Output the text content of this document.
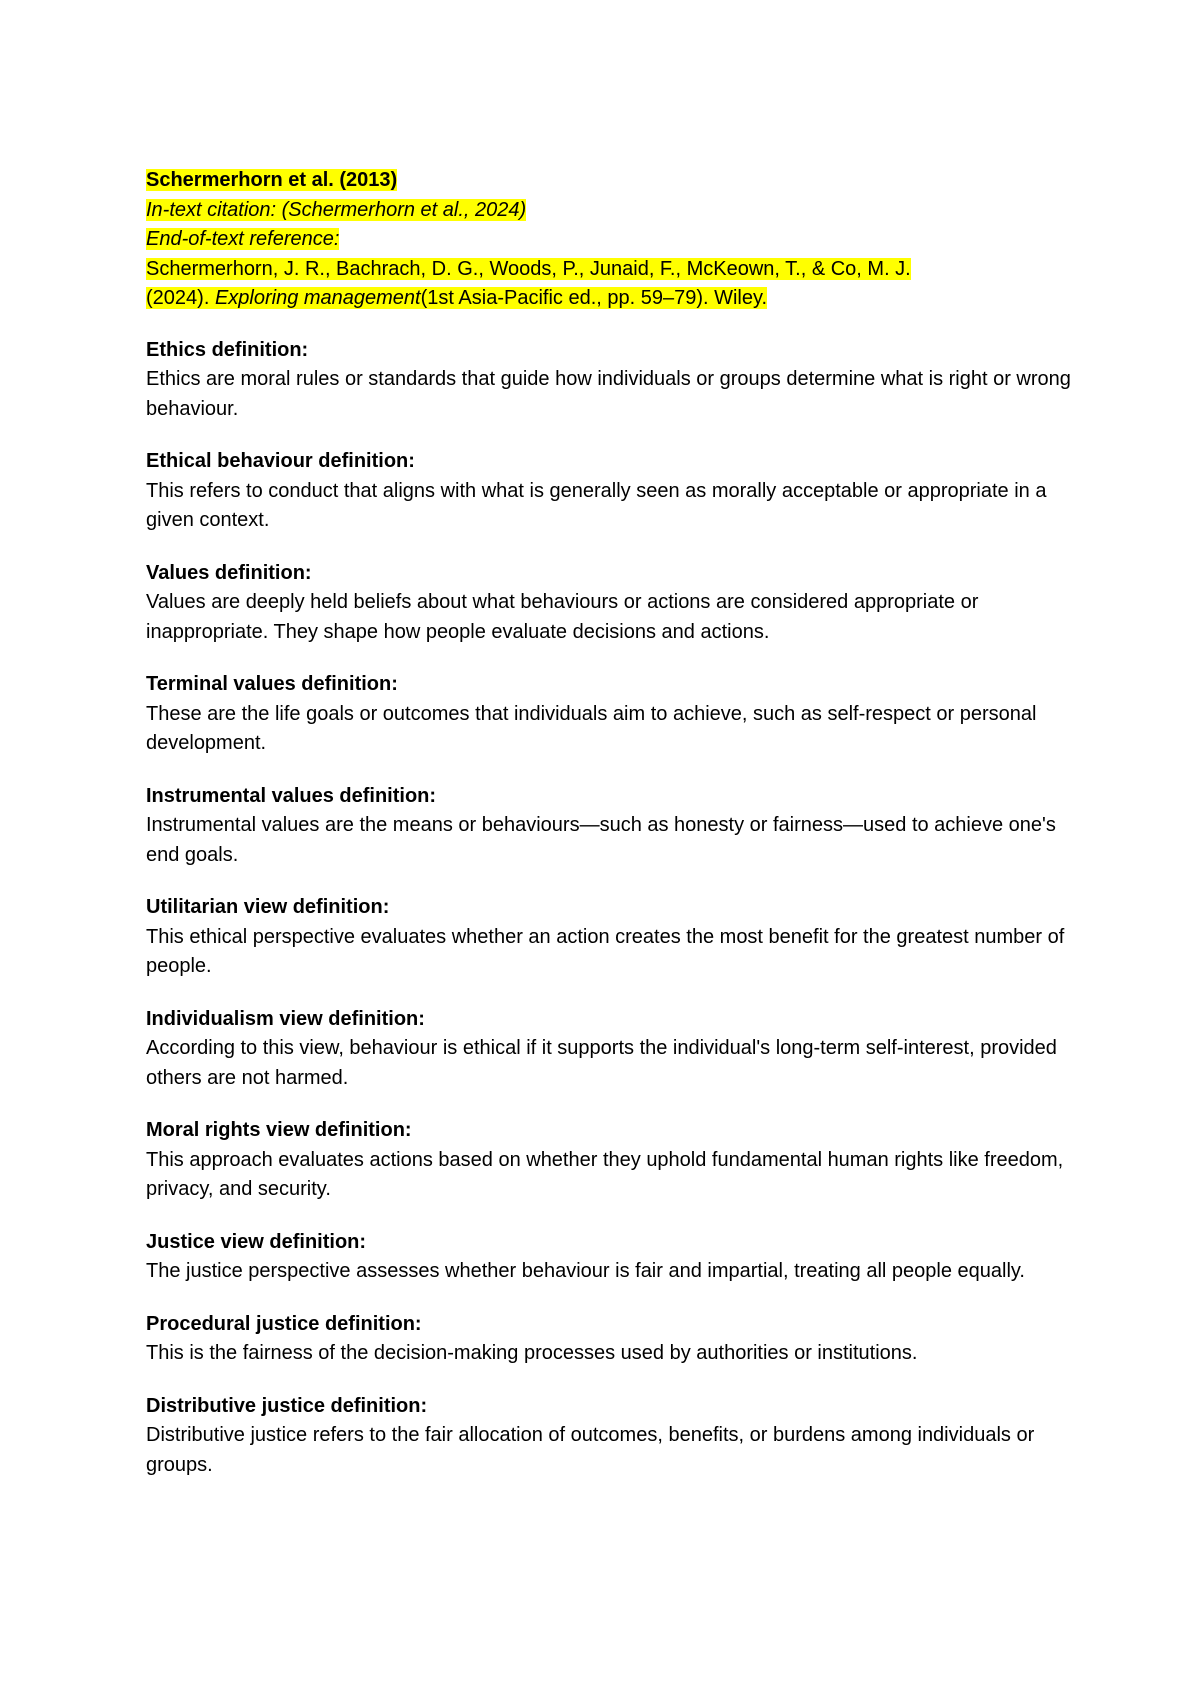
Schermerhorn et al. (2013)
In-text citation: (Schermerhorn et al., 2024)
End-of-text reference:
Schermerhorn, J. R., Bachrach, D. G., Woods, P., Junaid, F., McKeown, T., & Co, M. J.
(2024). Exploring management(1st Asia-Pacific ed., pp. 59–79). Wiley.
Ethics definition:
Ethics are moral rules or standards that guide how individuals or groups determine what is right or wrong behaviour.
Ethical behaviour definition:
This refers to conduct that aligns with what is generally seen as morally acceptable or appropriate in a given context.
Values definition:
Values are deeply held beliefs about what behaviours or actions are considered appropriate or inappropriate. They shape how people evaluate decisions and actions.
Terminal values definition:
These are the life goals or outcomes that individuals aim to achieve, such as self-respect or personal development.
Instrumental values definition:
Instrumental values are the means or behaviours—such as honesty or fairness—used to achieve one's end goals.
Utilitarian view definition:
This ethical perspective evaluates whether an action creates the most benefit for the greatest number of people.
Individualism view definition:
According to this view, behaviour is ethical if it supports the individual's long-term self-interest, provided others are not harmed.
Moral rights view definition:
This approach evaluates actions based on whether they uphold fundamental human rights like freedom, privacy, and security.
Justice view definition:
The justice perspective assesses whether behaviour is fair and impartial, treating all people equally.
Procedural justice definition:
This is the fairness of the decision-making processes used by authorities or institutions.
Distributive justice definition:
Distributive justice refers to the fair allocation of outcomes, benefits, or burdens among individuals or groups.
